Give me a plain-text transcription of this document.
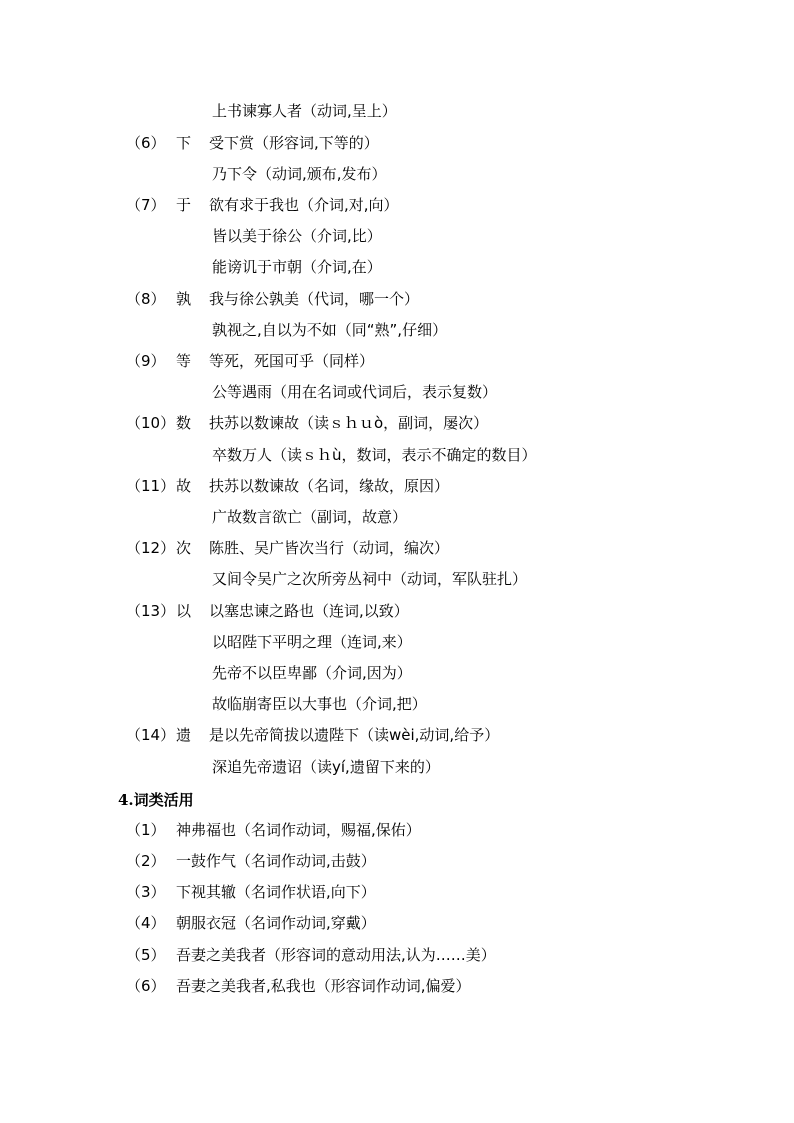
上书谏寡人者（动词,呈上）
（6） 下 受下赏（形容词,下等的）
乃下令（动词,颁布,发布）
（7） 于 欲有求于我也（介词,对,向）
皆以美于徐公（介词,比）
能谤讥于市朝（介词,在）
（8） 孰 我与徐公孰美（代词，哪一个）
孰视之,自以为不如（同“熟”,仔细）
（9） 等 等死，死国可乎（同样）
公等遇雨（用在名词或代词后，表示复数）
（10） 数 扶苏以数谏故（读ｓｈｕò，副词，屡次）
卒数万人（读ｓｈù，数词，表示不确定的数目）
（11） 故 扶苏以数谏故（名词，缘故，原因）
广故数言欲亡（副词，故意）
（12） 次 陈胜、吴广皆次当行（动词，编次）
又间令吴广之次所旁丛祠中（动词，军队驻扎）
（13） 以 以塞忠谏之路也（连词,以致）
以昭陛下平明之理（连词,来）
先帝不以臣卑鄙（介词,因为）
故临崩寄臣以大事也（介词,把）
（14） 遗 是以先帝简拔以遗陛下（读wèi,动词,给予）
深追先帝遗诏（读yí,遗留下来的）
4.词类活用
（1） 神弗福也（名词作动词，赐福,保佑）
（2） 一鼓作气（名词作动词,击鼓）
（3） 下视其辙（名词作状语,向下）
（4） 朝服衣冠（名词作动词,穿戴）
（5） 吾妻之美我者（形容词的意动用法,认为……美）
（6） 吾妻之美我者,私我也（形容词作动词,偏爱）
